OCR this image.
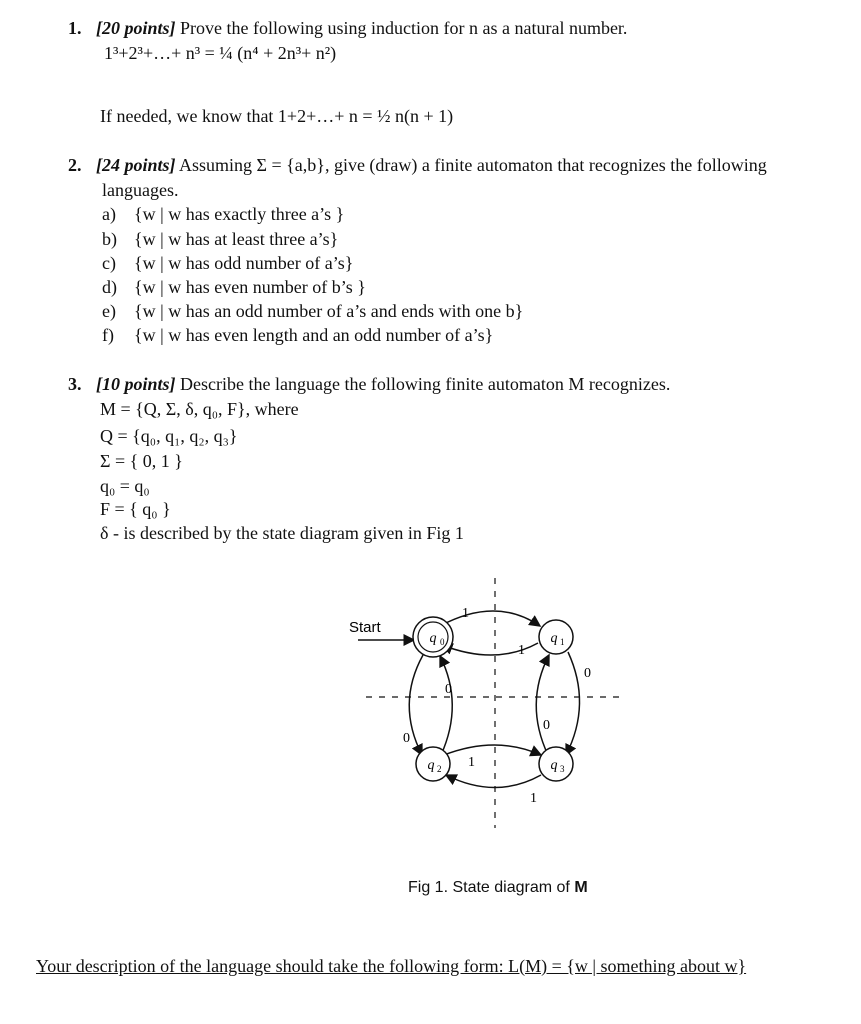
1. [20 points] Prove the following using induction for n as a natural number.
1³+2³+…+ n³ = ¼ (n⁴ + 2n³+ n²)
If needed, we know that 1+2+…+ n = ½ n(n + 1)
2. [24 points] Assuming Σ = {a,b}, give (draw) a finite automaton that recognizes the following
languages.
a) {w | w has exactly three a’s }
b) {w | w has at least three a’s}
c) {w | w has odd number of a’s}
d) {w | w has even number of b’s }
e) {w | w has an odd number of a’s and ends with one b}
f) {w | w has even length and an odd number of a’s}
3. [10 points] Describe the language the following finite automaton M recognizes.
M = {Q, Σ, δ, q₀, F}, where
Q = {q₀, q₁, q₂, q₃}
Σ = { 0, 1 }
q₀ = q₀
F = { q₀ }
δ - is described by the state diagram given in Fig 1
q 0	q 1
q 2	q 3
Start
1
1
0
0
0
0
1
1
Fig 1. State diagram of M
Your description of the language should take the following form: L(M) = {w | something about w}
